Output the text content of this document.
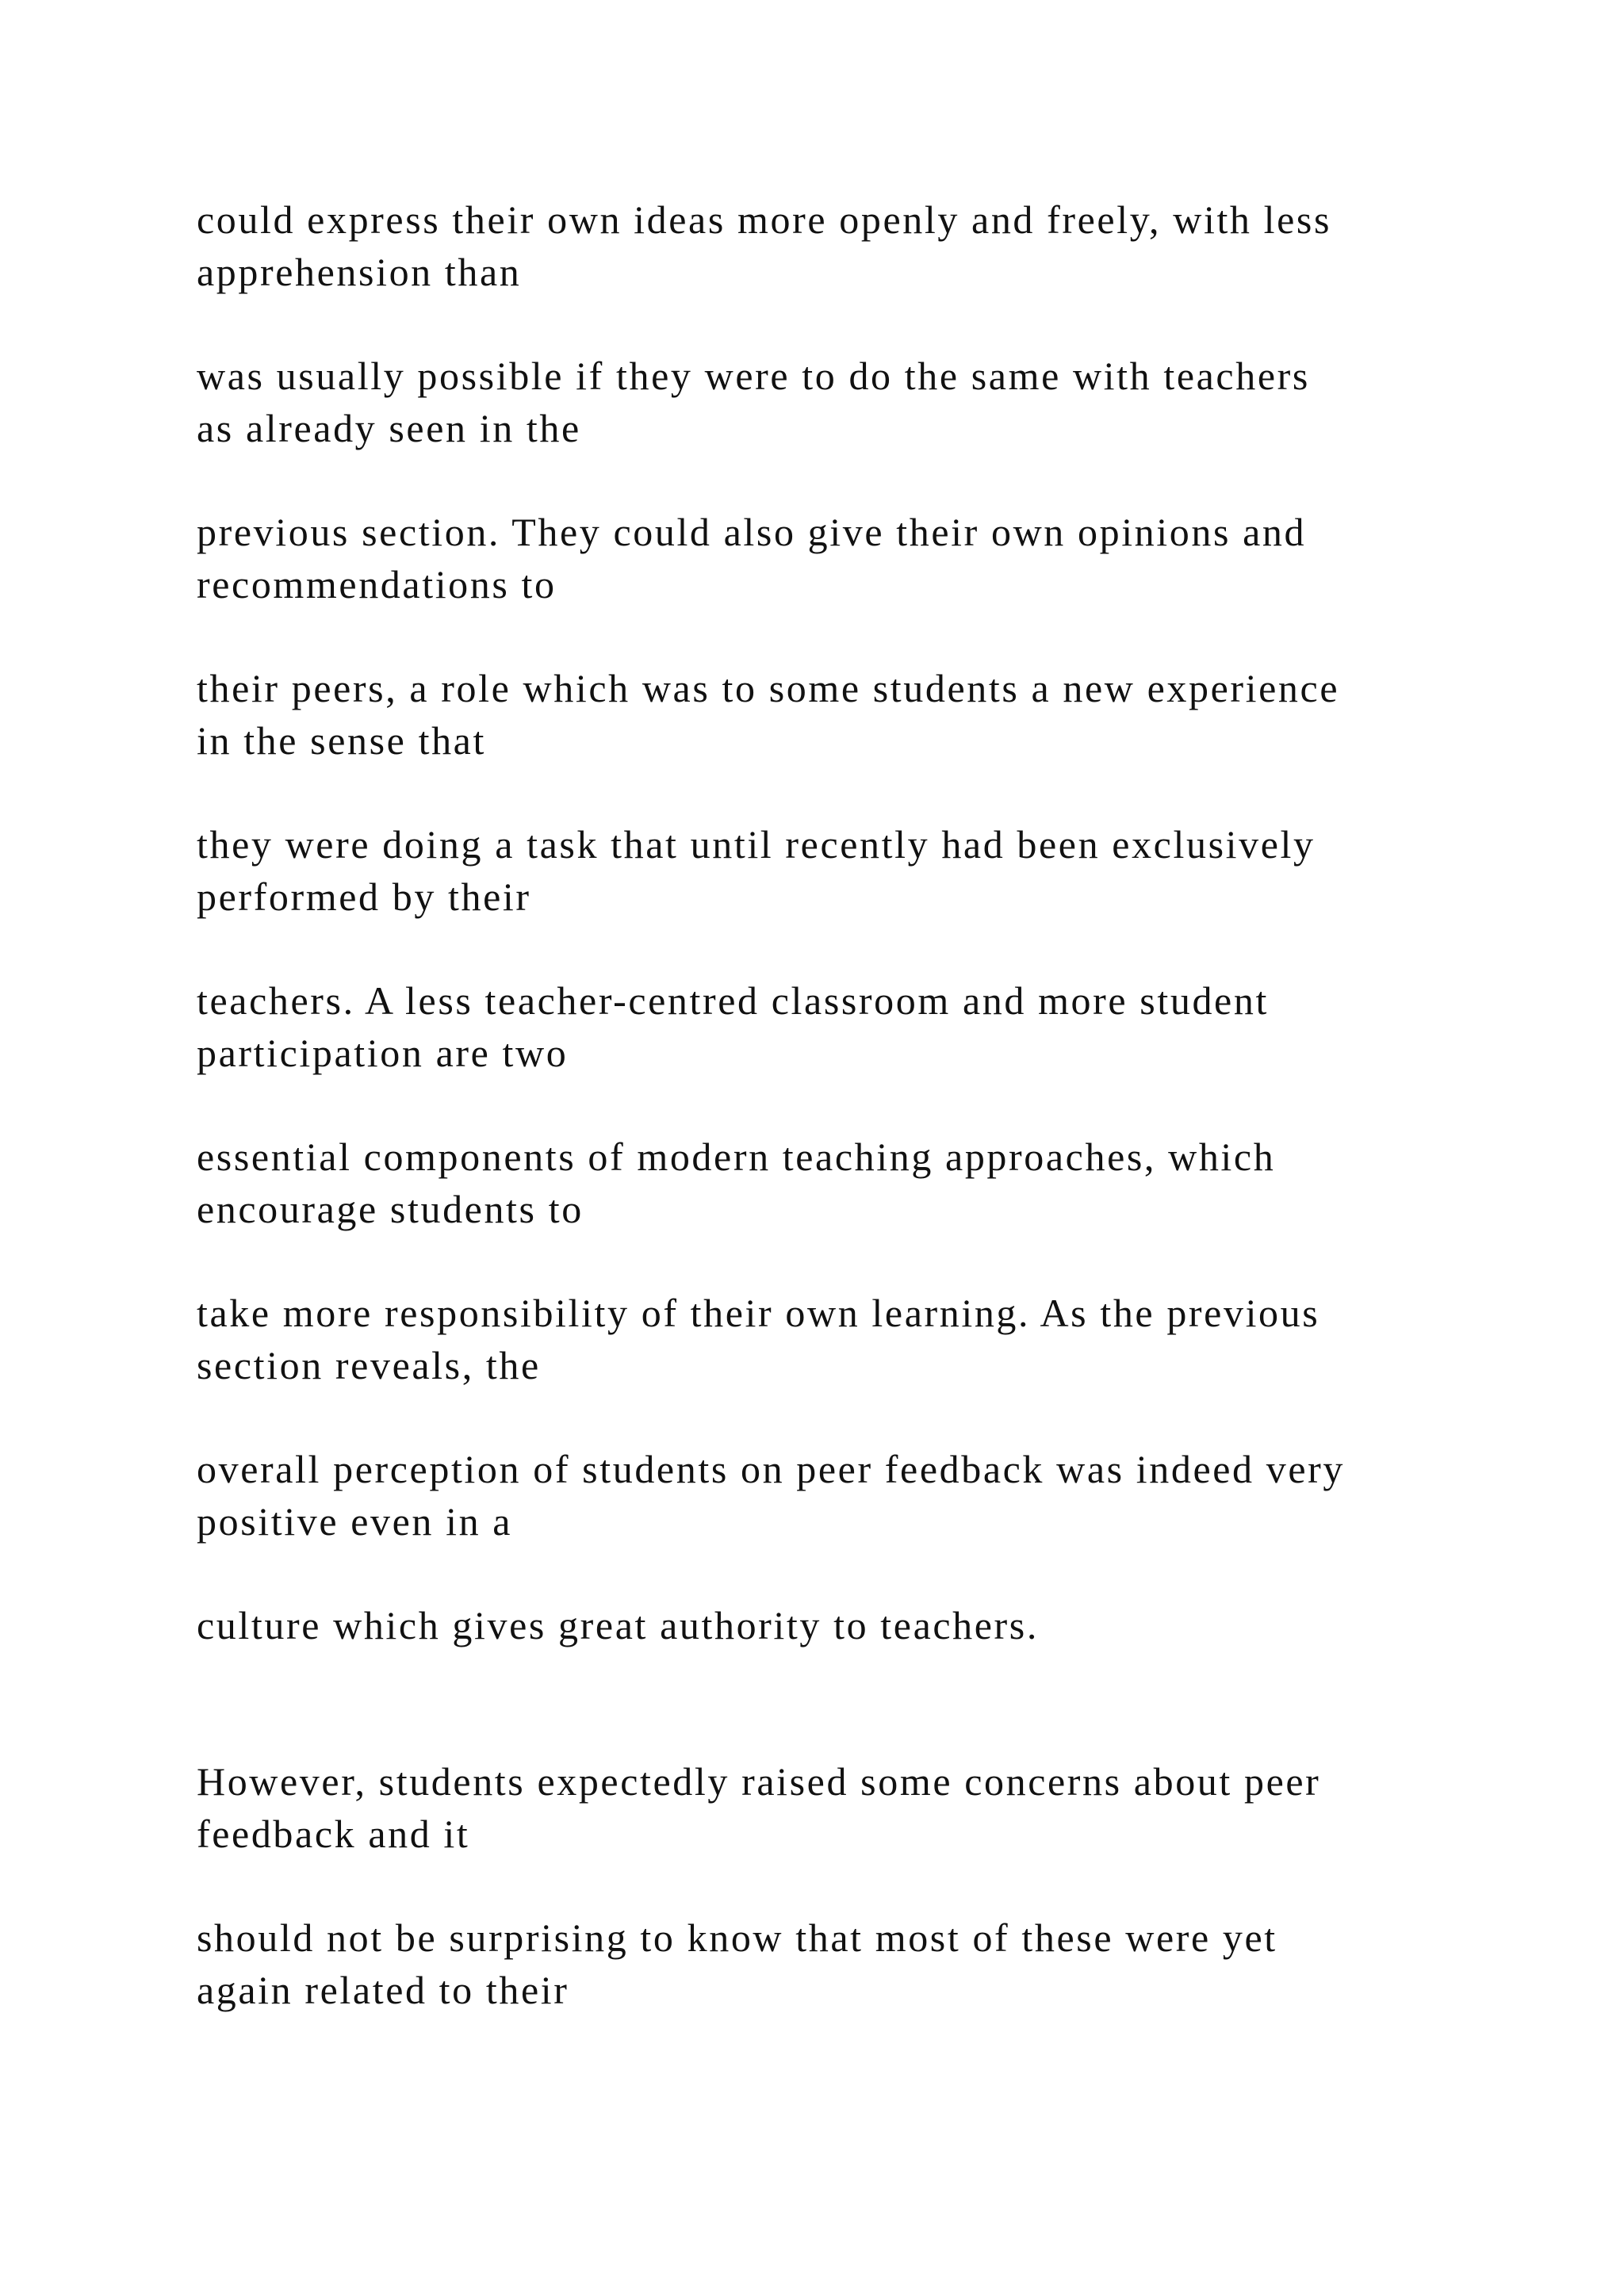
could express their own ideas more openly and freely, with less
apprehension than

was usually possible if they were to do the same with teachers
as already seen in the

previous section. They could also give their own opinions and
recommendations to

their peers, a role which was to some students a new experience
in the sense that

they were doing a task that until recently had been exclusively
performed by their

teachers. A less teacher-centred classroom and more student
participation are two

essential components of modern teaching approaches, which
encourage students to

take more responsibility of their own learning. As the previous
section reveals, the

overall perception of students on peer feedback was indeed very
positive even in a

culture which gives great authority to teachers.

However, students expectedly raised some concerns about peer
feedback and it

should not be surprising to know that most of these were yet
again related to their
